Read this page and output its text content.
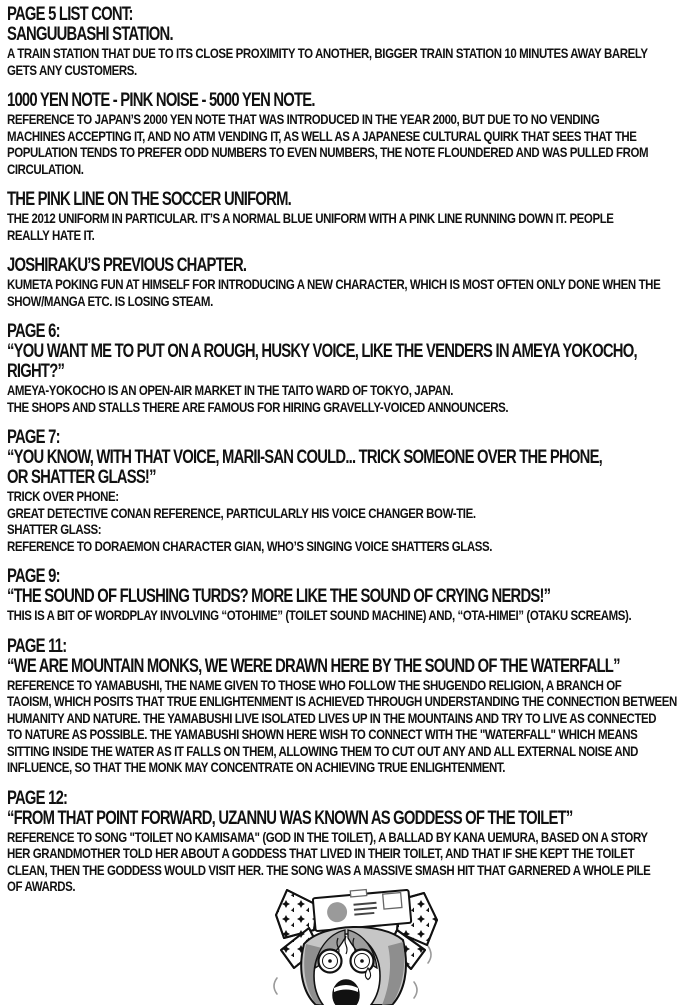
PAGE 5 LIST CONT:
SANGUUBASHI STATION.
A TRAIN STATION THAT DUE TO ITS CLOSE PROXIMITY TO ANOTHER, BIGGER TRAIN STATION 10 MINUTES AWAY BARELY
GETS ANY CUSTOMERS.
1000 YEN NOTE - PINK NOISE - 5000 YEN NOTE.
REFERENCE TO JAPAN’S 2000 YEN NOTE THAT WAS INTRODUCED IN THE YEAR 2000, BUT DUE TO NO VENDING
MACHINES ACCEPTING IT, AND NO ATM VENDING IT, AS WELL AS A JAPANESE CULTURAL QUIRK THAT SEES THAT THE
POPULATION TENDS TO PREFER ODD NUMBERS TO EVEN NUMBERS, THE NOTE FLOUNDERED AND WAS PULLED FROM
CIRCULATION.
THE PINK LINE ON THE SOCCER UNIFORM.
THE 2012 UNIFORM IN PARTICULAR. IT’S A NORMAL BLUE UNIFORM WITH A PINK LINE RUNNING DOWN IT. PEOPLE
REALLY HATE IT.
JOSHIRAKU’S PREVIOUS CHAPTER.
KUMETA POKING FUN AT HIMSELF FOR INTRODUCING A NEW CHARACTER, WHICH IS MOST OFTEN ONLY DONE WHEN THE
SHOW/MANGA ETC. IS LOSING STEAM.
PAGE 6:
“YOU WANT ME TO PUT ON A ROUGH, HUSKY VOICE, LIKE THE VENDERS IN AMEYA YOKOCHO,
RIGHT?”
AMEYA-YOKOCHO IS AN OPEN-AIR MARKET IN THE TAITO WARD OF TOKYO, JAPAN.
THE SHOPS AND STALLS THERE ARE FAMOUS FOR HIRING GRAVELLY-VOICED ANNOUNCERS.
PAGE 7:
“YOU KNOW, WITH THAT VOICE, MARII-SAN COULD... TRICK SOMEONE OVER THE PHONE,
OR SHATTER GLASS!”
TRICK OVER PHONE:
GREAT DETECTIVE CONAN REFERENCE, PARTICULARLY HIS VOICE CHANGER BOW-TIE.
SHATTER GLASS:
REFERENCE TO DORAEMON CHARACTER GIAN, WHO’S SINGING VOICE SHATTERS GLASS.
PAGE 9:
“THE SOUND OF FLUSHING TURDS? MORE LIKE THE SOUND OF CRYING NERDS!”
THIS IS A BIT OF WORDPLAY INVOLVING “OTOHIME” (TOILET SOUND MACHINE) AND, “OTA-HIMEI” (OTAKU SCREAMS).
PAGE 11:
“WE ARE MOUNTAIN MONKS, WE WERE DRAWN HERE BY THE SOUND OF THE WATERFALL”
REFERENCE TO YAMABUSHI, THE NAME GIVEN TO THOSE WHO FOLLOW THE SHUGENDO RELIGION, A BRANCH OF
TAOISM, WHICH POSITS THAT TRUE ENLIGHTENMENT IS ACHIEVED THROUGH UNDERSTANDING THE CONNECTION BETWEEN
HUMANITY AND NATURE. THE YAMABUSHI LIVE ISOLATED LIVES UP IN THE MOUNTAINS AND TRY TO LIVE AS CONNECTED
TO NATURE AS POSSIBLE. THE YAMABUSHI SHOWN HERE WISH TO CONNECT WITH THE "WATERFALL" WHICH MEANS
SITTING INSIDE THE WATER AS IT FALLS ON THEM, ALLOWING THEM TO CUT OUT ANY AND ALL EXTERNAL NOISE AND
INFLUENCE, SO THAT THE MONK MAY CONCENTRATE ON ACHIEVING TRUE ENLIGHTENMENT.
PAGE 12:
“FROM THAT POINT FORWARD, UZANNU WAS KNOWN AS GODDESS OF THE TOILET”
REFERENCE TO SONG "TOILET NO KAMISAMA" (GOD IN THE TOILET), A BALLAD BY KANA UEMURA, BASED ON A STORY
HER GRANDMOTHER TOLD HER ABOUT A GODDESS THAT LIVED IN THEIR TOILET, AND THAT IF SHE KEPT THE TOILET
CLEAN, THEN THE GODDESS WOULD VISIT HER. THE SONG WAS A MASSIVE SMASH HIT THAT GARNERED A WHOLE PILE
OF AWARDS.
